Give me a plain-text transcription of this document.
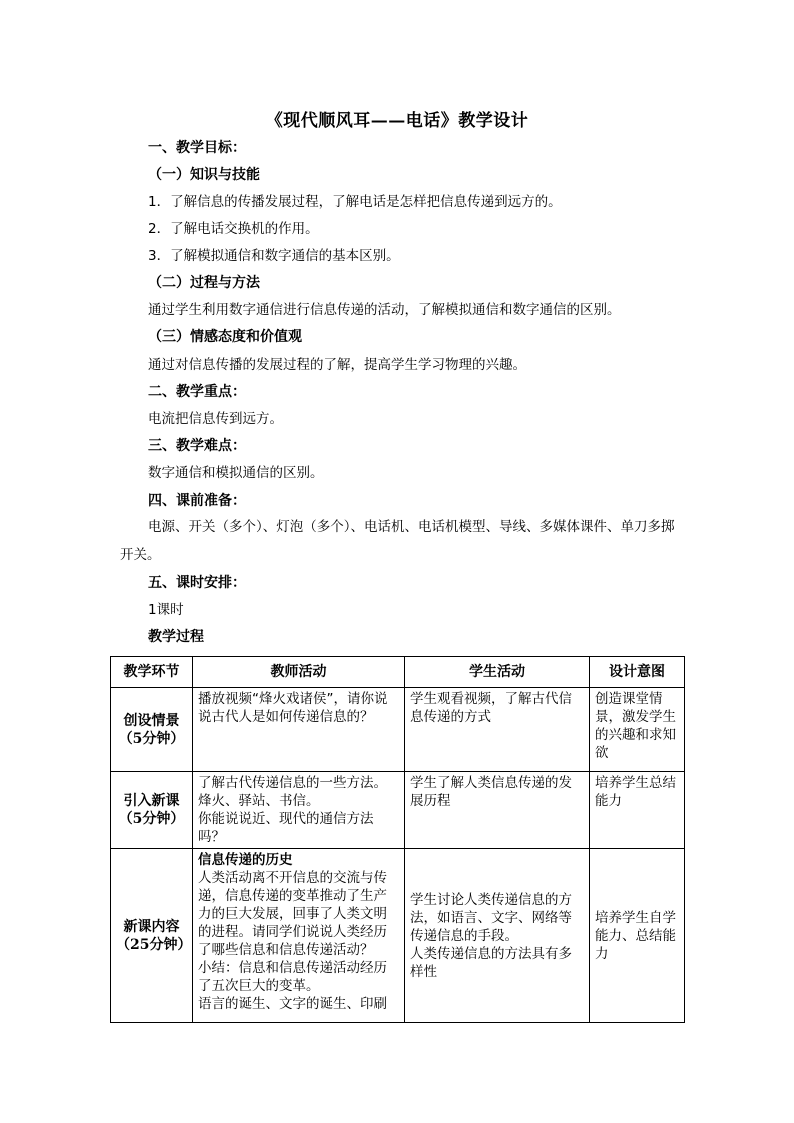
《现代顺风耳——电话》教学设计
一、教学目标：
（一）知识与技能
1．了解信息的传播发展过程，了解电话是怎样把信息传递到远方的。
2．了解电话交换机的作用。
3．了解模拟通信和数字通信的基本区别。
（二）过程与方法
通过学生利用数字通信进行信息传递的活动，了解模拟通信和数字通信的区别。
（三）情感态度和价值观
通过对信息传播的发展过程的了解，提高学生学习物理的兴趣。
二、教学重点：
电流把信息传到远方。
三、教学难点：
数字通信和模拟通信的区别。
四、课前准备：
电源、开关（多个）、灯泡（多个）、电话机、电话机模型、导线、多媒体课件、单刀多掷开关。
五、课时安排：
1课时
教学过程
教学环节	教师活动	学生活动	设计意图

创设情景
（5分钟）	播放视频“烽火戏诸侯”，请你说说古代人是如何传递信息的？	学生观看视频，了解古代信息传递的方式	创造课堂情景，激发学生的兴趣和求知欲

引入新课
（5分钟）	了解古代传递信息的一些方法。
烽火、驿站、书信。
你能说说近、现代的通信方法吗？	学生了解人类信息传递的发展历程	培养学生总结能力

新课内容
（25分钟）	信息传递的历史
人类活动离不开信息的交流与传递，信息传递的变革推动了生产力的巨大发展，回事了人类文明的进程。请同学们说说人类经历了哪些信息和信息传递活动？
小结：信息和信息传递活动经历了五次巨大的变革。
语言的诞生、文字的诞生、印刷	学生讨论人类传递信息的方法，如语言、文字、网络等传递信息的手段。
人类传递信息的方法具有多样性	培养学生自学能力、总结能力
